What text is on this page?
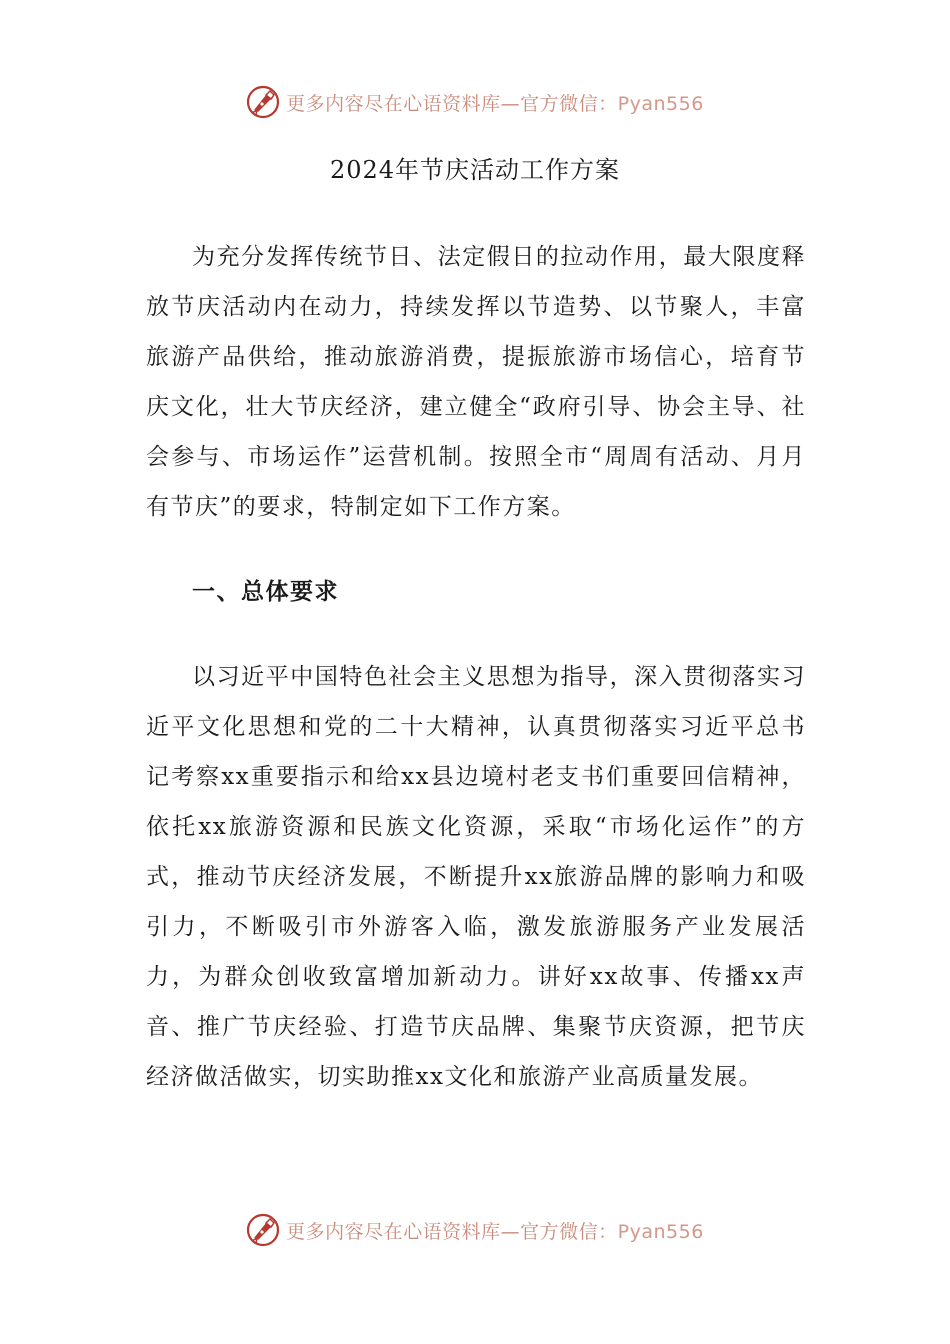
更多内容尽在心语资料库—官方微信：Pyan556
2024年节庆活动工作方案

为充分发挥传统节日、法定假日的拉动作用，最大限度释放节庆活动内在动力，持续发挥以节造势、以节聚人，丰富旅游产品供给，推动旅游消费，提振旅游市场信心，培育节庆文化，壮大节庆经济，建立健全“政府引导、协会主导、社会参与、市场运作”运营机制。按照全市“周周有活动、月月有节庆”的要求，特制定如下工作方案。

一、总体要求

以习近平中国特色社会主义思想为指导，深入贯彻落实习近平文化思想和党的二十大精神，认真贯彻落实习近平总书记考察xx重要指示和给xx县边境村老支书们重要回信精神，依托xx旅游资源和民族文化资源，采取“市场化运作”的方式，推动节庆经济发展，不断提升xx旅游品牌的影响力和吸引力，不断吸引市外游客入临，激发旅游服务产业发展活力，为群众创收致富增加新动力。讲好xx故事、传播xx声音、推广节庆经验、打造节庆品牌、集聚节庆资源，把节庆经济做活做实，切实助推xx文化和旅游产业高质量发展。

更多内容尽在心语资料库—官方微信：Pyan556
